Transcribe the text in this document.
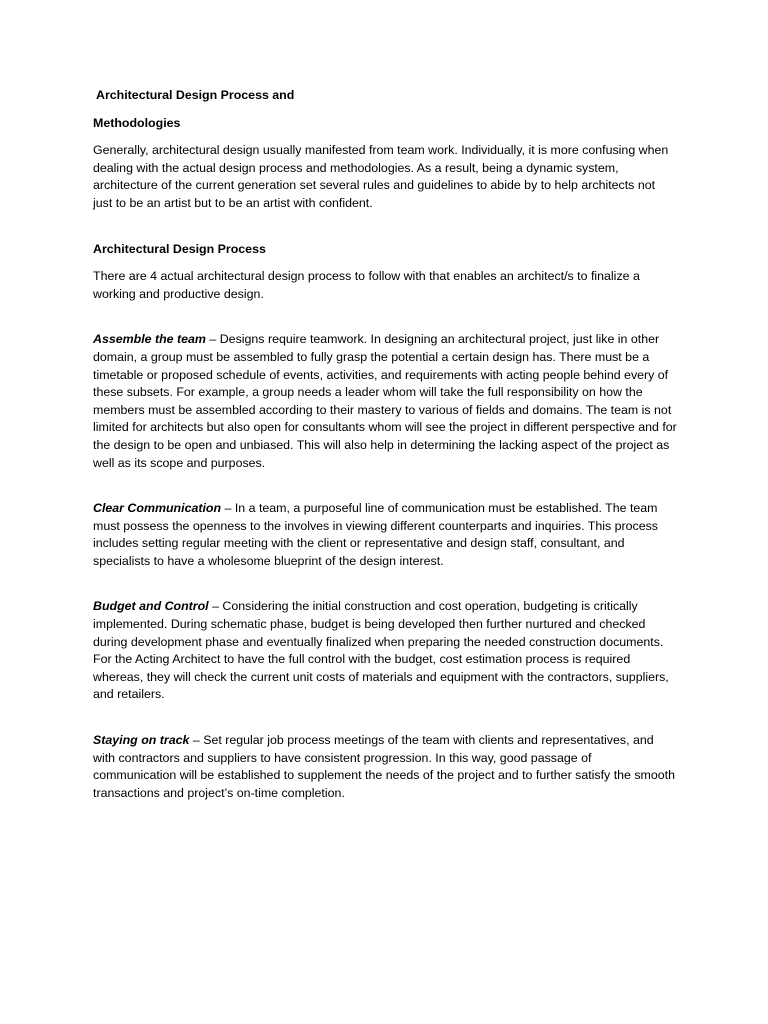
Architectural Design Process and
Methodologies

Generally, architectural design usually manifested from team work. Individually, it is more confusing when dealing with the actual design process and methodologies. As a result, being a dynamic system, architecture of the current generation set several rules and guidelines to abide by to help architects not just to be an artist but to be an artist with confident.

Architectural Design Process

There are 4 actual architectural design process to follow with that enables an architect/s to finalize a working and productive design.

Assemble the team – Designs require teamwork. In designing an architectural project, just like in other domain, a group must be assembled to fully grasp the potential a certain design has. There must be a timetable or proposed schedule of events, activities, and requirements with acting people behind every of these subsets. For example, a group needs a leader whom will take the full responsibility on how the members must be assembled according to their mastery to various of fields and domains. The team is not limited for architects but also open for consultants whom will see the project in different perspective and for the design to be open and unbiased. This will also help in determining the lacking aspect of the project as well as its scope and purposes.

Clear Communication – In a team, a purposeful line of communication must be established. The team must possess the openness to the involves in viewing different counterparts and inquiries. This process includes setting regular meeting with the client or representative and design staff, consultant, and specialists to have a wholesome blueprint of the design interest.

Budget and Control – Considering the initial construction and cost operation, budgeting is critically implemented. During schematic phase, budget is being developed then further nurtured and checked during development phase and eventually finalized when preparing the needed construction documents. For the Acting Architect to have the full control with the budget, cost estimation process is required whereas, they will check the current unit costs of materials and equipment with the contractors, suppliers, and retailers.

Staying on track – Set regular job process meetings of the team with clients and representatives, and with contractors and suppliers to have consistent progression. In this way, good passage of communication will be established to supplement the needs of the project and to further satisfy the smooth transactions and project’s on-time completion.
